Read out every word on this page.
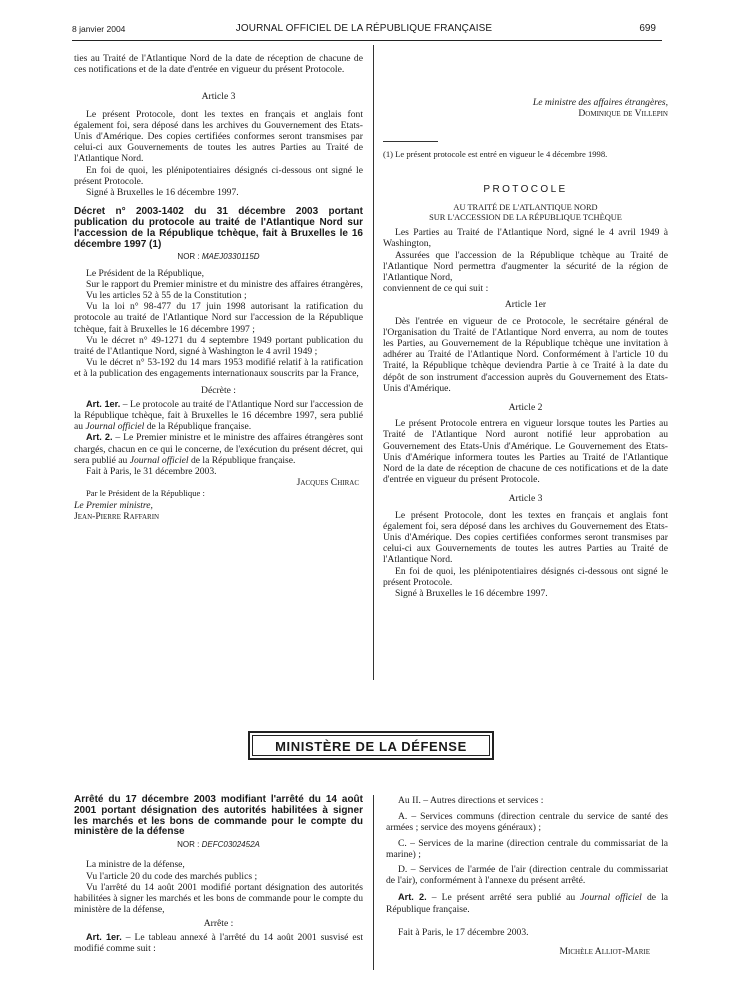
8 janvier 2004	JOURNAL OFFICIEL DE LA RÉPUBLIQUE FRANÇAISE	699

ties au Traité de l'Atlantique Nord de la date de réception de chacune de ces notifications et de la date d'entrée en vigueur du présent Protocole.

Article 3

Le présent Protocole, dont les textes en français et anglais font également foi, sera déposé dans les archives du Gouvernement des Etats-Unis d'Amérique. Des copies certifiées conformes seront transmises par celui-ci aux Gouvernements de toutes les autres Parties au Traité de l'Atlantique Nord.

En foi de quoi, les plénipotentiaires désignés ci-dessous ont signé le présent Protocole.

Signé à Bruxelles le 16 décembre 1997.

Décret n° 2003-1402 du 31 décembre 2003 portant publication du protocole au traité de l'Atlantique Nord sur l'accession de la République tchèque, fait à Bruxelles le 16 décembre 1997 (1)

NOR : MAEJ0330115D

Le Président de la République,

Sur le rapport du Premier ministre et du ministre des affaires étrangères,

Vu les articles 52 à 55 de la Constitution ;

Vu la loi n° 98-477 du 17 juin 1998 autorisant la ratification du protocole au traité de l'Atlantique Nord sur l'accession de la République tchèque, fait à Bruxelles le 16 décembre 1997 ;

Vu le décret n° 49-1271 du 4 septembre 1949 portant publication du traité de l'Atlantique Nord, signé à Washington le 4 avril 1949 ;

Vu le décret n° 53-192 du 14 mars 1953 modifié relatif à la ratification et à la publication des engagements internationaux souscrits par la France,

Décrète :

Art. 1er. – Le protocole au traité de l'Atlantique Nord sur l'accession de la République tchèque, fait à Bruxelles le 16 décembre 1997, sera publié au Journal officiel de la République française.

Art. 2. – Le Premier ministre et le ministre des affaires étrangères sont chargés, chacun en ce qui le concerne, de l'exécution du présent décret, qui sera publié au Journal officiel de la République française.

Fait à Paris, le 31 décembre 2003.

Jacques Chirac

Par le Président de la République :

Le Premier ministre,

Jean-Pierre Raffarin

Le ministre des affaires étrangères,

Dominique de Villepin

(1) Le présent protocole est entré en vigueur le 4 décembre 1998.

PROTOCOLE

AU TRAITÉ DE L'ATLANTIQUE NORD

SUR L'ACCESSION DE LA RÉPUBLIQUE TCHÈQUE

Les Parties au Traité de l'Atlantique Nord, signé le 4 avril 1949 à Washington,

Assurées que l'accession de la République tchèque au Traité de l'Atlantique Nord permettra d'augmenter la sécurité de la région de l'Atlantique Nord,

conviennent de ce qui suit :

Article 1er

Dès l'entrée en vigueur de ce Protocole, le secrétaire général de l'Organisation du Traité de l'Atlantique Nord enverra, au nom de toutes les Parties, au Gouvernement de la République tchèque une invitation à adhérer au Traité de l'Atlantique Nord. Conformément à l'article 10 du Traité, la République tchèque deviendra Partie à ce Traité à la date du dépôt de son instrument d'accession auprès du Gouvernement des Etats-Unis d'Amérique.

Article 2

Le présent Protocole entrera en vigueur lorsque toutes les Parties au Traité de l'Atlantique Nord auront notifié leur approbation au Gouvernement des Etats-Unis d'Amérique. Le Gouvernement des Etats-Unis d'Amérique informera toutes les Parties au Traité de l'Atlantique Nord de la date de réception de chacune de ces notifications et de la date d'entrée en vigueur du présent Protocole.

Article 3

Le présent Protocole, dont les textes en français et anglais font également foi, sera déposé dans les archives du Gouvernement des Etats-Unis d'Amérique. Des copies certifiées conformes seront transmises par celui-ci aux Gouvernements de toutes les autres Parties au Traité de l'Atlantique Nord.

En foi de quoi, les plénipotentiaires désignés ci-dessous ont signé le présent Protocole.

Signé à Bruxelles le 16 décembre 1997.

MINISTÈRE DE LA DÉFENSE

Arrêté du 17 décembre 2003 modifiant l'arrêté du 14 août 2001 portant désignation des autorités habilitées à signer les marchés et les bons de commande pour le compte du ministère de la défense

NOR : DEFC0302452A

La ministre de la défense,

Vu l'article 20 du code des marchés publics ;

Vu l'arrêté du 14 août 2001 modifié portant désignation des autorités habilitées à signer les marchés et les bons de commande pour le compte du ministère de la défense,

Arrête :

Art. 1er. – Le tableau annexé à l'arrêté du 14 août 2001 susvisé est modifié comme suit :

Au II. – Autres directions et services :

A. – Services communs (direction centrale du service de santé des armées ; service des moyens généraux) ;

C. – Services de la marine (direction centrale du commissariat de la marine) ;

D. – Services de l'armée de l'air (direction centrale du commissariat de l'air), conformément à l'annexe du présent arrêté.

Art. 2. – Le présent arrêté sera publié au Journal officiel de la République française.

Fait à Paris, le 17 décembre 2003.

Michèle Alliot-Marie
